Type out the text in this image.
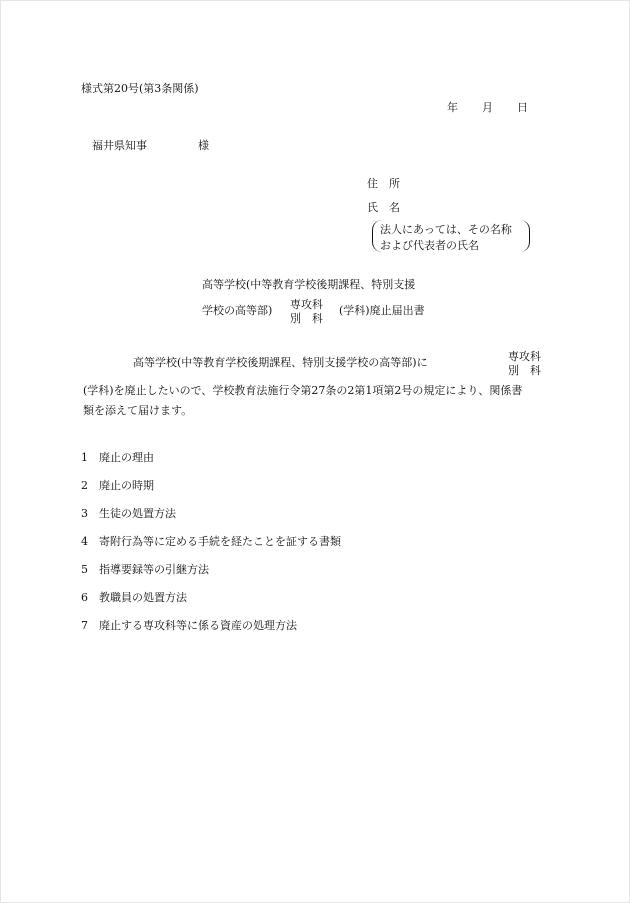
様式第20号(第3条関係)
年 月 日
福井県知事	様
住　所
氏　名
法人にあっては、その名称
および代表者の氏名
高等学校(中等教育学校後期課程、特別支援
学校の高等部) 専攻科
別　科
(学科)廃止届出書
高等学校(中等教育学校後期課程、特別支援学校の高等部)に	専攻科
別　科
(学科)を廃止したいので、学校教育法施行令第27条の2第1項第2号の規定により、関係書
類を添えて届けます。
1 廃止の理由
2 廃止の時期
3 生徒の処置方法
4 寄附行為等に定める手続を経たことを証する書類
5 指導要録等の引継方法
6 教職員の処置方法
7 廃止する専攻科等に係る資産の処理方法
